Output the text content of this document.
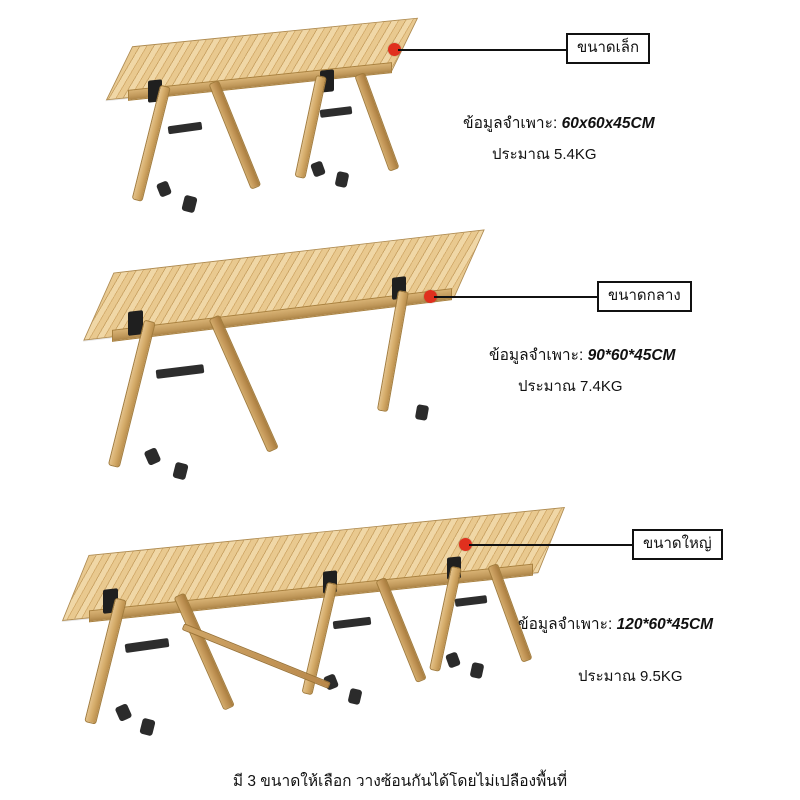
ขนาดเล็ก
ข้อมูลจำเพาะ: 60x60x45CM
ประมาณ 5.4KG
ขนาดกลาง
ข้อมูลจำเพาะ: 90*60*45CM
ประมาณ 7.4KG
ขนาดใหญ่
ข้อมูลจำเพาะ: 120*60*45CM
ประมาณ 9.5KG
มี 3 ขนาดให้เลือก วางซ้อนกันได้โดยไม่เปลืองพื้นที่
